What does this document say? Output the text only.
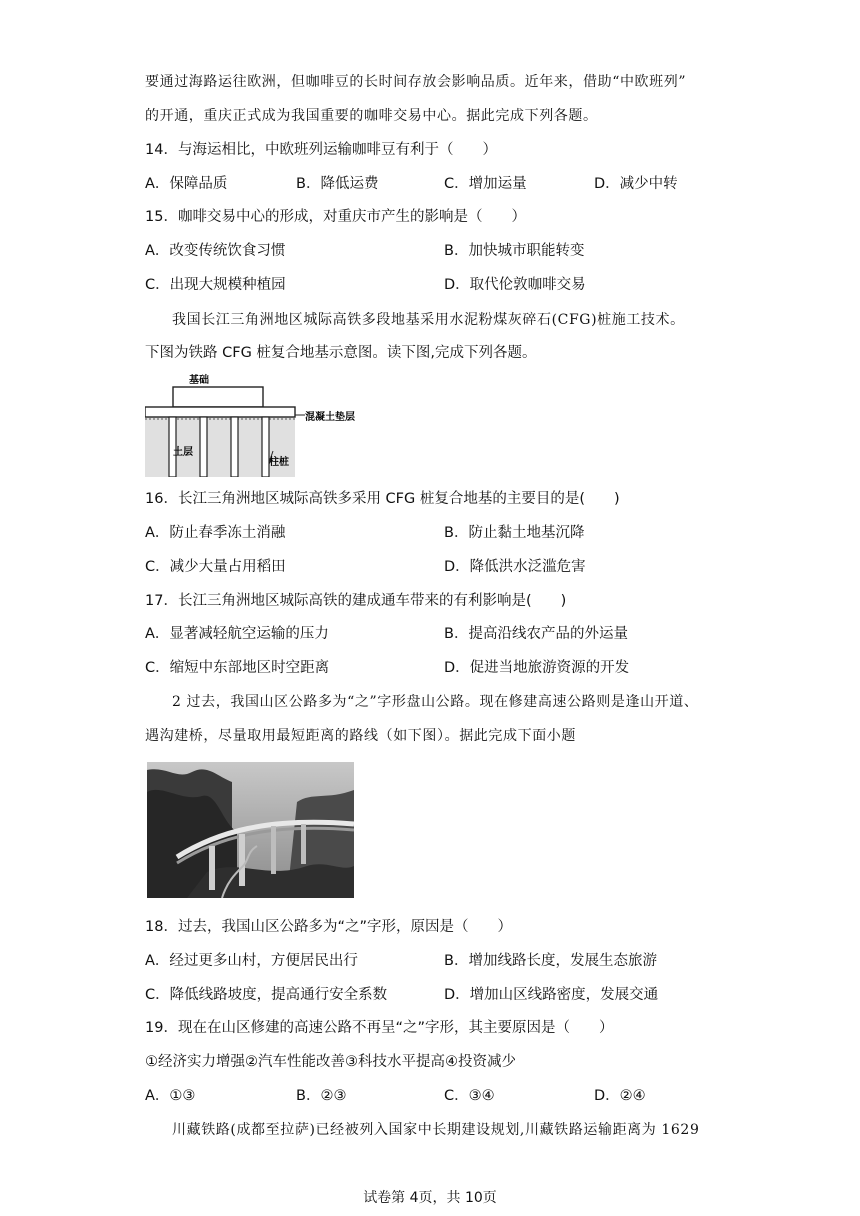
要通过海路运往欧洲，但咖啡豆的长时间存放会影响品质。近年来，借助“中欧班列”
的开通，重庆正式成为我国重要的咖啡交易中心。据此完成下列各题。
14．与海运相比，中欧班列运输咖啡豆有利于（　　）
A．保障品质	B．降低运费	C．增加运量	D．减少中转
15．咖啡交易中心的形成，对重庆市产生的影响是（　　）
A．改变传统饮食习惯	B．加快城市职能转变
C．出现大规模种植园	D．取代伦敦咖啡交易
我国长江三角洲地区城际高铁多段地基采用水泥粉煤灰碎石(CFG)桩施工技术。
下图为铁路 CFG 桩复合地基示意图。读下图,完成下列各题。
基础
混凝土垫层
土层
柱桩
16．长江三角洲地区城际高铁多采用 CFG 桩复合地基的主要目的是(　　)
A．防止春季冻土消融	B．防止黏土地基沉降
C．减少大量占用稻田	D．降低洪水泛滥危害
17．长江三角洲地区城际高铁的建成通车带来的有利影响是(　　)
A．显著减轻航空运输的压力	B．提高沿线农产品的外运量
C．缩短中东部地区时空距离	D．促进当地旅游资源的开发
2 过去，我国山区公路多为“之”字形盘山公路。现在修建高速公路则是逢山开道、
遇沟建桥，尽量取用最短距离的路线（如下图）。据此完成下面小题
18．过去，我国山区公路多为“之”字形，原因是（　　）
A．经过更多山村，方便居民出行	B．增加线路长度，发展生态旅游
C．降低线路坡度，提高通行安全系数	D．增加山区线路密度，发展交通
19．现在在山区修建的高速公路不再呈“之”字形，其主要原因是（　　）
①经济实力增强②汽车性能改善③科技水平提高④投资减少
A．①③	B．②③	C．③④	D．②④
川藏铁路(成都至拉萨)已经被列入国家中长期建设规划,川藏铁路运输距离为 1629
试卷第 4页，共 10页
